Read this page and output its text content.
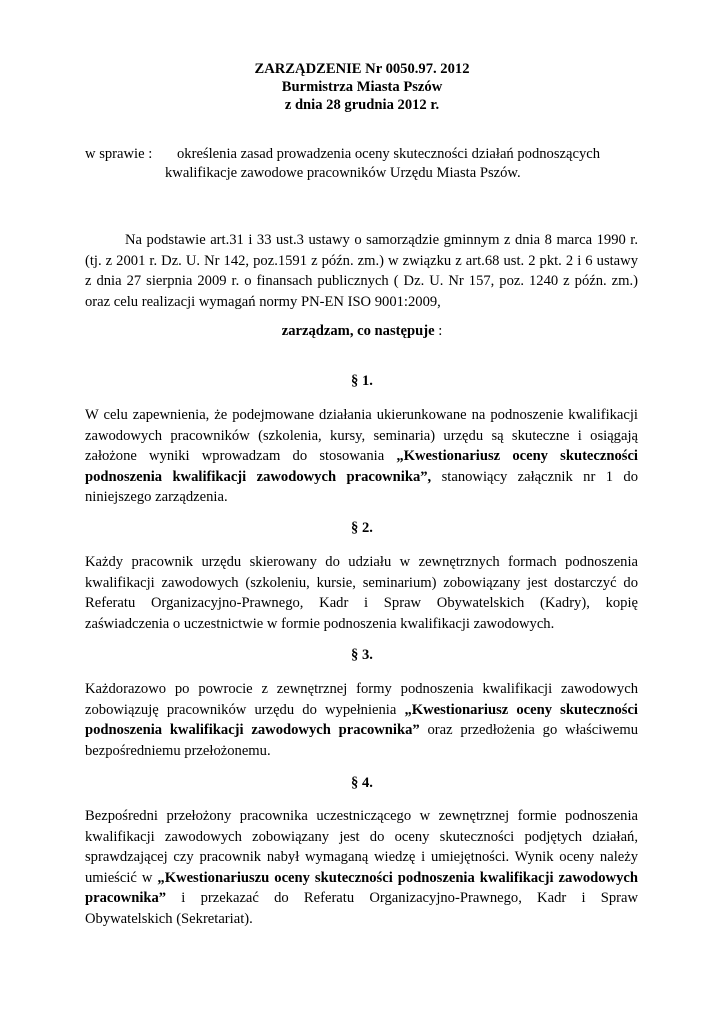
ZARZĄDZENIE Nr 0050.97. 2012
Burmistrza Miasta Pszów
z dnia 28 grudnia 2012 r.
w sprawie : określenia zasad prowadzenia oceny skuteczności działań podnoszących
kwalifikacje zawodowe pracowników Urzędu Miasta Pszów.
Na podstawie art.31 i 33 ust.3 ustawy o samorządzie gminnym z dnia 8 marca 1990 r.
(tj. z 2001 r. Dz. U. Nr 142, poz.1591 z późn. zm.) w związku z art.68 ust. 2 pkt. 2 i 6 ustawy
z dnia 27 sierpnia 2009 r. o finansach publicznych ( Dz. U. Nr 157, poz. 1240 z późn. zm.)
oraz celu realizacji wymagań normy PN-EN ISO 9001:2009,
zarządzam, co następuje :
§ 1.
W celu zapewnienia, że podejmowane działania ukierunkowane na podnoszenie kwalifikacji
zawodowych pracowników (szkolenia, kursy, seminaria) urzędu są skuteczne i osiągają
założone wyniki wprowadzam do stosowania „Kwestionariusz oceny skuteczności
podnoszenia kwalifikacji zawodowych pracownika”, stanowiący załącznik nr 1 do
niniejszego zarządzenia.
§ 2.
Każdy pracownik urzędu skierowany do udziału w zewnętrznych formach podnoszenia
kwalifikacji zawodowych (szkoleniu, kursie, seminarium) zobowiązany jest dostarczyć do
Referatu Organizacyjno-Prawnego, Kadr i Spraw Obywatelskich (Kadry), kopię
zaświadczenia o uczestnictwie w formie podnoszenia kwalifikacji zawodowych.
§ 3.
Każdorazowo po powrocie z zewnętrznej formy podnoszenia kwalifikacji zawodowych
zobowiązuję pracowników urzędu do wypełnienia „Kwestionariusz oceny skuteczności
podnoszenia kwalifikacji zawodowych pracownika” oraz przedłożenia go właściwemu
bezpośredniemu przełożonemu.
§ 4.
Bezpośredni przełożony pracownika uczestniczącego w zewnętrznej formie podnoszenia
kwalifikacji zawodowych zobowiązany jest do oceny skuteczności podjętych działań,
sprawdzającej czy pracownik nabył wymaganą wiedzę i umiejętności. Wynik oceny należy
umieścić w „Kwestionariuszu oceny skuteczności podnoszenia kwalifikacji zawodowych
pracownika” i przekazać do Referatu Organizacyjno-Prawnego, Kadr i Spraw
Obywatelskich (Sekretariat).
